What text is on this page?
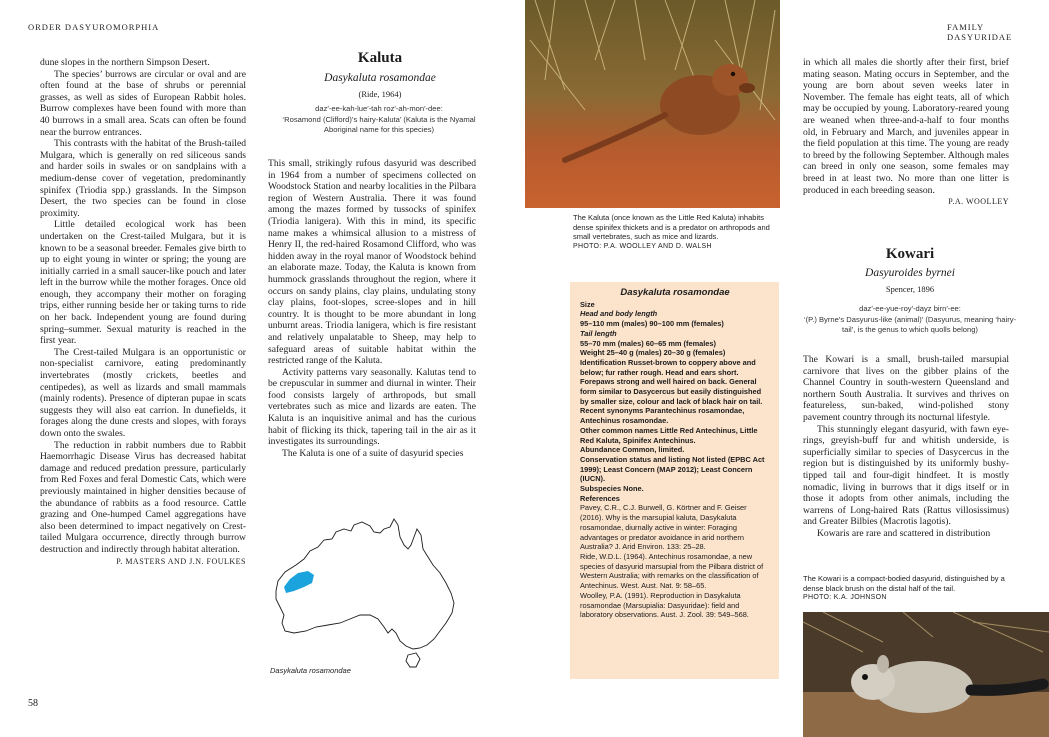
ORDER DASYUROMORPHIA	FAMILY DASYURIDAE

dune slopes in the northern Simpson Desert.

The species’ burrows are circular or oval and are often found at the base of shrubs or perennial grasses, as well as sides of European Rabbit holes. Burrow complexes have been found with more than 40 burrows in a small area. Scats can often be found near the burrow entrances.

This contrasts with the habitat of the Brush-tailed Mulgara, which is generally on red siliceous sands and harder soils in swales or on sandplains with a medium-dense cover of vegetation, predominantly spinifex (Triodia spp.) grasslands. In the Simpson Desert, the two species can be found in close proximity.

Little detailed ecological work has been undertaken on the Crest-tailed Mulgara, but it is known to be a seasonal breeder. Females give birth to up to eight young in winter or spring; the young are initially carried in a small saucer-like pouch and later left in the burrow while the mother forages. Once old enough, they accompany their mother on foraging trips, either running beside her or taking turns to ride on her back. Independent young are found during spring–summer. Sexual maturity is reached in the first year.

The Crest-tailed Mulgara is an opportunistic or non-specialist carnivore, eating predominantly invertebrates (mostly crickets, beetles and centipedes), as well as lizards and small mammals (mainly rodents). Presence of dipteran pupae in scats suggests they will also eat carrion. In dunefields, it forages along the dune crests and slopes, with forays down onto the swales.

The reduction in rabbit numbers due to Rabbit Haemorrhagic Disease Virus has decreased habitat damage and reduced predation pressure, particularly from Red Foxes and feral Domestic Cats, which were previously maintained in higher densities because of the abundance of rabbits as a food resource. Cattle grazing and One-humped Camel aggregations have also been determined to impact negatively on Crest-tailed Mulgara occurrence, directly through burrow destruction and indirectly through habitat alteration.

P. MASTERS AND J.N. FOULKES

Kaluta
Dasykaluta rosamondae
(Ride, 1964)
daz′-ee-kah-lue′-tah roz′-ah-mon′-dee:
‘Rosamond (Clifford)’s hairy-Kaluta’ (Kaluta is the Nyamal Aboriginal name for this species)

This small, strikingly rufous dasyurid was described in 1964 from a number of specimens collected on Woodstock Station and nearby localities in the Pilbara region of Western Australia. There it was found among the mazes formed by tussocks of spinifex (Triodia lanigera). With this in mind, its specific name makes a whimsical allusion to a mistress of Henry II, the red-haired Rosamond Clifford, who was hidden away in the royal manor of Woodstock behind an elaborate maze. Today, the Kaluta is known from hummock grasslands throughout the region, where it occurs on sandy plains, clay plains, undulating stony clay plains, foot-slopes, scree-slopes and in hill country. It is thought to be more abundant in long unburnt areas. Triodia lanigera, which is fire resistant and relatively unpalatable to Sheep, may help to safeguard areas of suitable habitat within the restricted range of the Kaluta.

Activity patterns vary seasonally. Kalutas tend to be crepuscular in summer and diurnal in winter. Their food consists largely of arthropods, but small vertebrates such as mice and lizards are eaten. The Kaluta is an inquisitive animal and has the curious habit of flicking its thick, tapering tail in the air as it investigates its surroundings.

The Kaluta is one of a suite of dasyurid species

Dasykaluta rosamondae
58
The Kaluta (once known as the Little Red Kaluta) inhabits dense spinifex thickets and is a predator on arthropods and small vertebrates, such as mice and lizards.
PHOTO: P.A. WOOLLEY AND D. WALSH
Dasykaluta rosamondae
Size
Head and body length
95–110 mm (males) 90–100 mm (females)
Tail length
55–70 mm (males) 60–65 mm (females)
Weight 25–40 g (males) 20–30 g (females)
Identification Russet-brown to coppery above and below; fur rather rough. Head and ears short. Forepaws strong and well haired on back. General form similar to Dasycercus but easily distinguished by smaller size, colour and lack of black hair on tail.
Recent synonyms Parantechinus rosamondae, Antechinus rosamondae.
Other common names Little Red Antechinus, Little Red Kaluta, Spinifex Antechinus.
Abundance Common, limited.
Conservation status and listing Not listed (EPBC Act 1999); Least Concern (MAP 2012); Least Concern (IUCN).
Subspecies None.
References
Pavey, C.R., C.J. Burwell, G. Körtner and F. Geiser (2016). Why is the marsupial kaluta, Dasykaluta rosamondae, diurnally active in winter: Foraging advantages or predator avoidance in arid northern Australia? J. Arid Environ. 133: 25–28.
Ride, W.D.L. (1964). Antechinus rosamondae, a new species of dasyurid marsupial from the Pilbara district of Western Australia; with remarks on the classification of Antechinus. West. Aust. Nat. 9: 58–65.
Woolley, P.A. (1991). Reproduction in Dasykaluta rosamondae (Marsupialia: Dasyuridae): field and laboratory observations. Aust. J. Zool. 39: 549–568.

in which all males die shortly after their first, brief mating season. Mating occurs in September, and the young are born about seven weeks later in November. The female has eight teats, all of which may be occupied by young. Laboratory-reared young are weaned when three-and-a-half to four months old, in February and March, and juveniles appear in the field population at this time. The young are ready to breed by the following September. Although males can breed in only one season, some females may breed in at least two. No more than one litter is produced in each breeding season.

P.A. WOOLLEY

Kowari
Dasyuroides byrnei
Spencer, 1896
daz′-ee-yue-roy′-dayz birn′-ee:
‘(P.) Byrne’s Dasyurus-like (animal)’ (Dasyurus, meaning ‘hairy-tail’, is the genus to which quolls belong)

The Kowari is a small, brush-tailed marsupial carnivore that lives on the gibber plains of the Channel Country in south-western Queensland and northern South Australia. It survives and thrives on featureless, sun-baked, wind-polished stony pavement country through its nocturnal lifestyle.

This stunningly elegant dasyurid, with fawn eye-rings, greyish-buff fur and whitish underside, is superficially similar to species of Dasycercus in the region but is distinguished by its uniformly bushy-tipped tail and four-digit hindfeet. It is mostly nomadic, living in burrows that it digs itself or in those it adopts from other animals, including the warrens of Long-haired Rats (Rattus villosissimus) and Greater Bilbies (Macrotis lagotis).

Kowaris are rare and scattered in distribution

The Kowari is a compact-bodied dasyurid, distinguished by a dense black brush on the distal half of the tail.
PHOTO: K.A. JOHNSON
